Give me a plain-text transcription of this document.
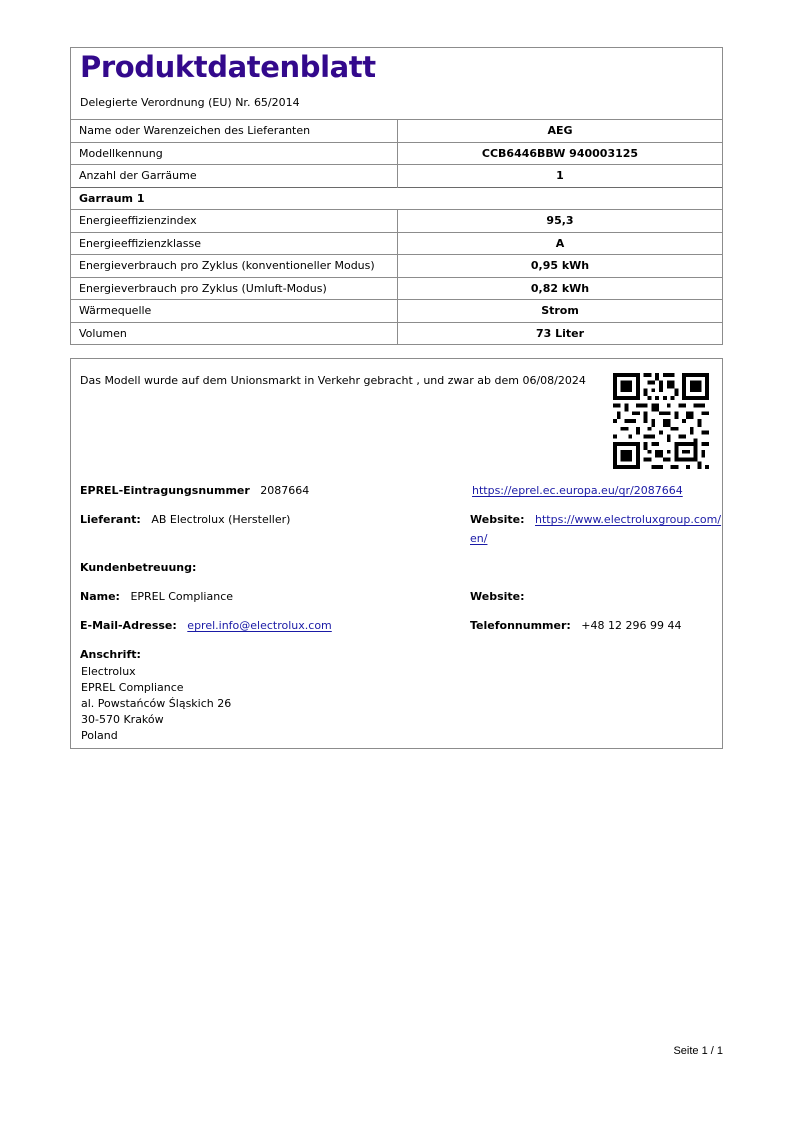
Produktdatenblatt
Delegierte Verordnung (EU) Nr. 65/2014
Name oder Warenzeichen des Lieferanten	AEG
Modellkennung	CCB6446BBW 940003125
Anzahl der Garräume	1
Garraum 1	
Energieeffizienzindex	95,3
Energieeffizienzklasse	A
Energieverbrauch pro Zyklus (konventioneller Modus)	0,95 kWh
Energieverbrauch pro Zyklus (Umluft-Modus)	0,82 kWh
Wärmequelle	Strom
Volumen	73 Liter
Das Modell wurde auf dem Unionsmarkt in Verkehr gebracht , und zwar ab dem 06/08/2024
EPREL-Eintragungsnummer 2087664	https://eprel.ec.europa.eu/qr/2087664
Lieferant: AB Electrolux (Hersteller)	Website: https://www.electroluxgroup.com/
en/
Kundenbetreuung:
Name: EPREL Compliance	Website:
E-Mail-Adresse: eprel.info@electrolux.com	Telefonnummer: +48 12 296 99 44
Anschrift:
Electrolux
EPREL Compliance
al. Powstańców Śląskich 26
30-570 Kraków
Poland
Seite 1 / 1
